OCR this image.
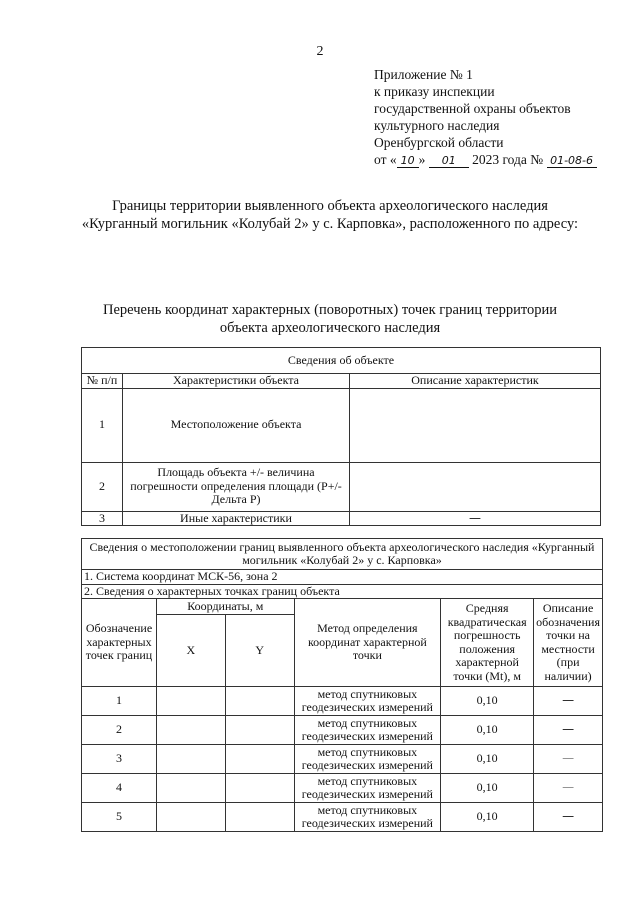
2
Приложение № 1
к приказу инспекции
государственной охраны объектов
культурного наследия
Оренбургской области
от « 10 » 01 2023 года № 01-08-6
Границы территории выявленного объекта археологического наследия «Курганный могильник «Колубай 2» у с. Карповка», расположенного по адресу:
Перечень координат характерных (поворотных) точек границ территории объекта археологического наследия
Сведения об объекте		
№ п/п	Характеристики объекта	Описание характеристик
1	Местоположение объекта	
2	Площадь объекта +/- величина погрешности определения площади (P+/- Дельта P)	
3	Иные характеристики	—
Сведения о местоположении границ выявленного объекта археологического наследия «Курганный могильник «Колубай 2» у с. Карповка»					
1. Система координат МСК-56, зона 2					
2. Сведения о характерных точках границ объекта					
Обозначение характерных точек границ	Координаты, м		Метод определения координат характерной точки	Средняя квадратическая погрешность положения характерной точки (Mt), м	Описание обозначения точки на местности (при наличии)
	X	Y			
1			метод спутниковых геодезических измерений	0,10	—
2			метод спутниковых геодезических измерений	0,10	—
3			метод спутниковых геодезических измерений	0,10	—
4			метод спутниковых геодезических измерений	0,10	—
5			метод спутниковых геодезических измерений	0,10	—
